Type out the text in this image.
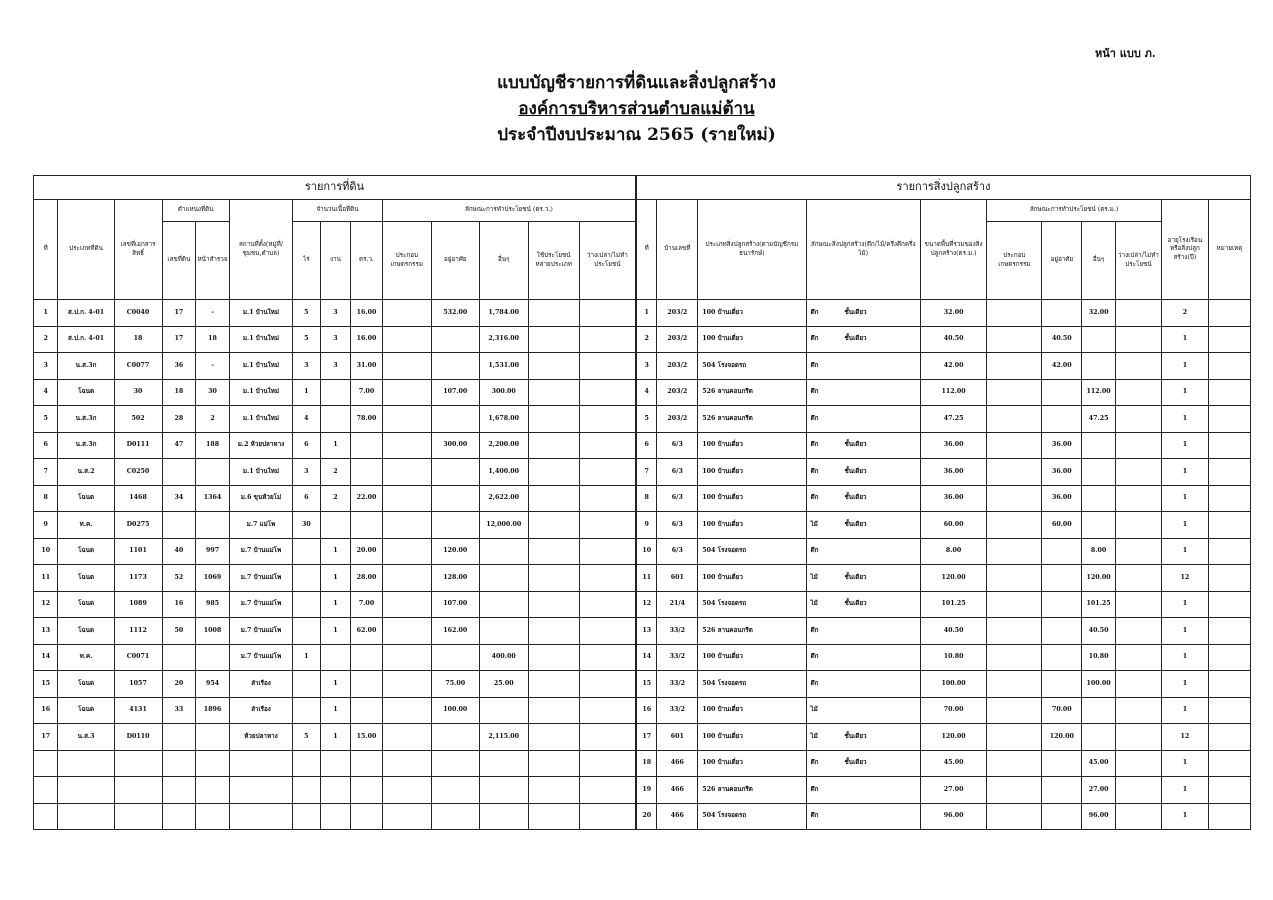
หน้า แบบ ภ.
แบบบัญชีรายการที่ดินและสิ่งปลูกสร้าง
องค์การบริหารส่วนตำบลแม่ต้าน
ประจำปีงบประมาณ 2565 (รายใหม่)
รายการที่ดิน													
ที่	ประเภทที่ดิน	เลขที่เอกสารสิทธิ์	ตำแหน่งที่ดิน		สถานที่ตั้ง(หมู่ที่/ชุมชน,ตำบล)	จำนวนเนื้อที่ดิน			ลักษณะการทำประโยชน์ (ตร.ว.)				
			เลขที่ดิน	หน้าสำรวจ		ไร่	งาน	ตร.ว.	ประกอบเกษตรกรรม	อยู่อาศัย	อื่นๆ	ใช้ประโยชน์หลายประเภท	ว่างเปล่า/ไม่ทำประโยชน์

1	ส.ป.ก. 4-01	C0040	17	-	ม.1 บ้านใหม่	5	3	16.00		532.00	1,784.00		
2	ส.ป.ก. 4-01	18	17	18	ม.1 บ้านใหม่	5	3	16.00			2,316.00		
3	น.ส.3ก	C0077	36	-	ม.1 บ้านใหม่	3	3	31.00			1,531.00		
4	โฉนด	30	18	30	ม.1 บ้านใหม่	1		7.00		107.00	300.00		
5	น.ส.3ก	502	28	2	ม.1 บ้านใหม่	4		78.00			1,678.00		
6	น.ส.3ก	D0111	47	188	ม.2 ห้วยปลาหาง	6	1			300.00	2,200.00		
7	น.ส.2	C0250			ม.1 บ้านใหม่	3	2				1,400.00		
8	โฉนด	1468	34	1364	ม.6 ขุนห้วยโม่	6	2	22.00			2,622.00		
9	ท.ค.	D0275			ม.7 แม่โพ	30					12,000.00		
10	โฉนด	1101	40	997	ม.7 บ้านแม่โพ		1	20.00		120.00			
11	โฉนด	1173	52	1069	ม.7 บ้านแม่โพ		1	28.00		128.00			
12	โฉนด	1089	16	985	ม.7 บ้านแม่โพ		1	7.00		107.00			
13	โฉนด	1112	50	1008	ม.7 บ้านแม่โพ		1	62.00		162.00			
14	ท.ค.	C0071			ม.7 บ้านแม่โพ	1					400.00		
15	โฉนด	1057	20	954	ลำเรือง		1			75.00	25.00		
16	โฉนด	4131	33	1896	ลำเรือง		1			100.00			
17	น.ส.3	D0110			ห้วยปลาหาง	5	1	15.00			2,115.00		

รายการสิ่งปลูกสร้าง										
ที่	บ้านเลขที่	ประเภทสิ่งปลูกสร้าง(ตามบัญชีกรมธนารักษ์)	ลักษณะสิ่งปลูกสร้าง(ตึก/ไม้/ครึ่งตึกครึ่งไม้)	ขนาดพื้นที่รวมของสิ่งปลูกสร้าง(ตร.ม.)	ลักษณะการทำประโยชน์ (ตร.ม.)				อายุโรงเรือนหรือสิ่งปลูกสร้าง(ปี)	หมายเหตุ
					ประกอบเกษตรกรรม	อยู่อาศัย	อื่นๆ	ว่างเปล่า/ไม่ทำประโยชน์		

1	203/2	100 บ้านเดี่ยว	ตึก ชั้นเดียว	32.00			32.00		2	
2	203/2	100 บ้านเดี่ยว	ตึก ชั้นเดียว	40.50		40.50			1	
3	203/2	504 โรงจอดรถ	ตึก	42.00		42.00			1	
4	203/2	526 ลานคอนกรีต	ตึก	112.00			112.00		1	
5	203/2	526 ลานคอนกรีต	ตึก	47.25			47.25		1	
6	6/3	100 บ้านเดี่ยว	ตึก ชั้นเดียว	36.00		36.00			1	
7	6/3	100 บ้านเดี่ยว	ตึก ชั้นเดียว	36.00		36.00			1	
8	6/3	100 บ้านเดี่ยว	ตึก ชั้นเดียว	36.00		36.00			1	
9	6/3	100 บ้านเดี่ยว	ไม้ ชั้นเดียว	60.00		60.00			1	
10	6/3	504 โรงจอดรถ	ตึก	8.00			8.00		1	
11	601	100 บ้านเดี่ยว	ไม้ ชั้นเดียว	120.00			120.00		12	
12	21/4	504 โรงจอดรถ	ไม้ ชั้นเดียว	101.25			101.25		1	
13	33/2	526 ลานคอนกรีต	ตึก	40.50			40.50		1	
14	33/2	100 บ้านเดี่ยว	ตึก	10.80			10.80		1	
15	33/2	504 โรงจอดรถ	ตึก	100.00			100.00		1	
16	33/2	100 บ้านเดี่ยว	ไม้	70.00		70.00			1	
17	601	100 บ้านเดี่ยว	ไม้ ชั้นเดียว	120.00		120.00			12	
18	466	100 บ้านเดี่ยว	ตึก ชั้นเดียว	45.00			45.00		1	
19	466	526 ลานคอนกรีต	ตึก	27.00			27.00		1	
20	466	504 โรงจอดรถ	ตึก	96.00			96.00		1	
